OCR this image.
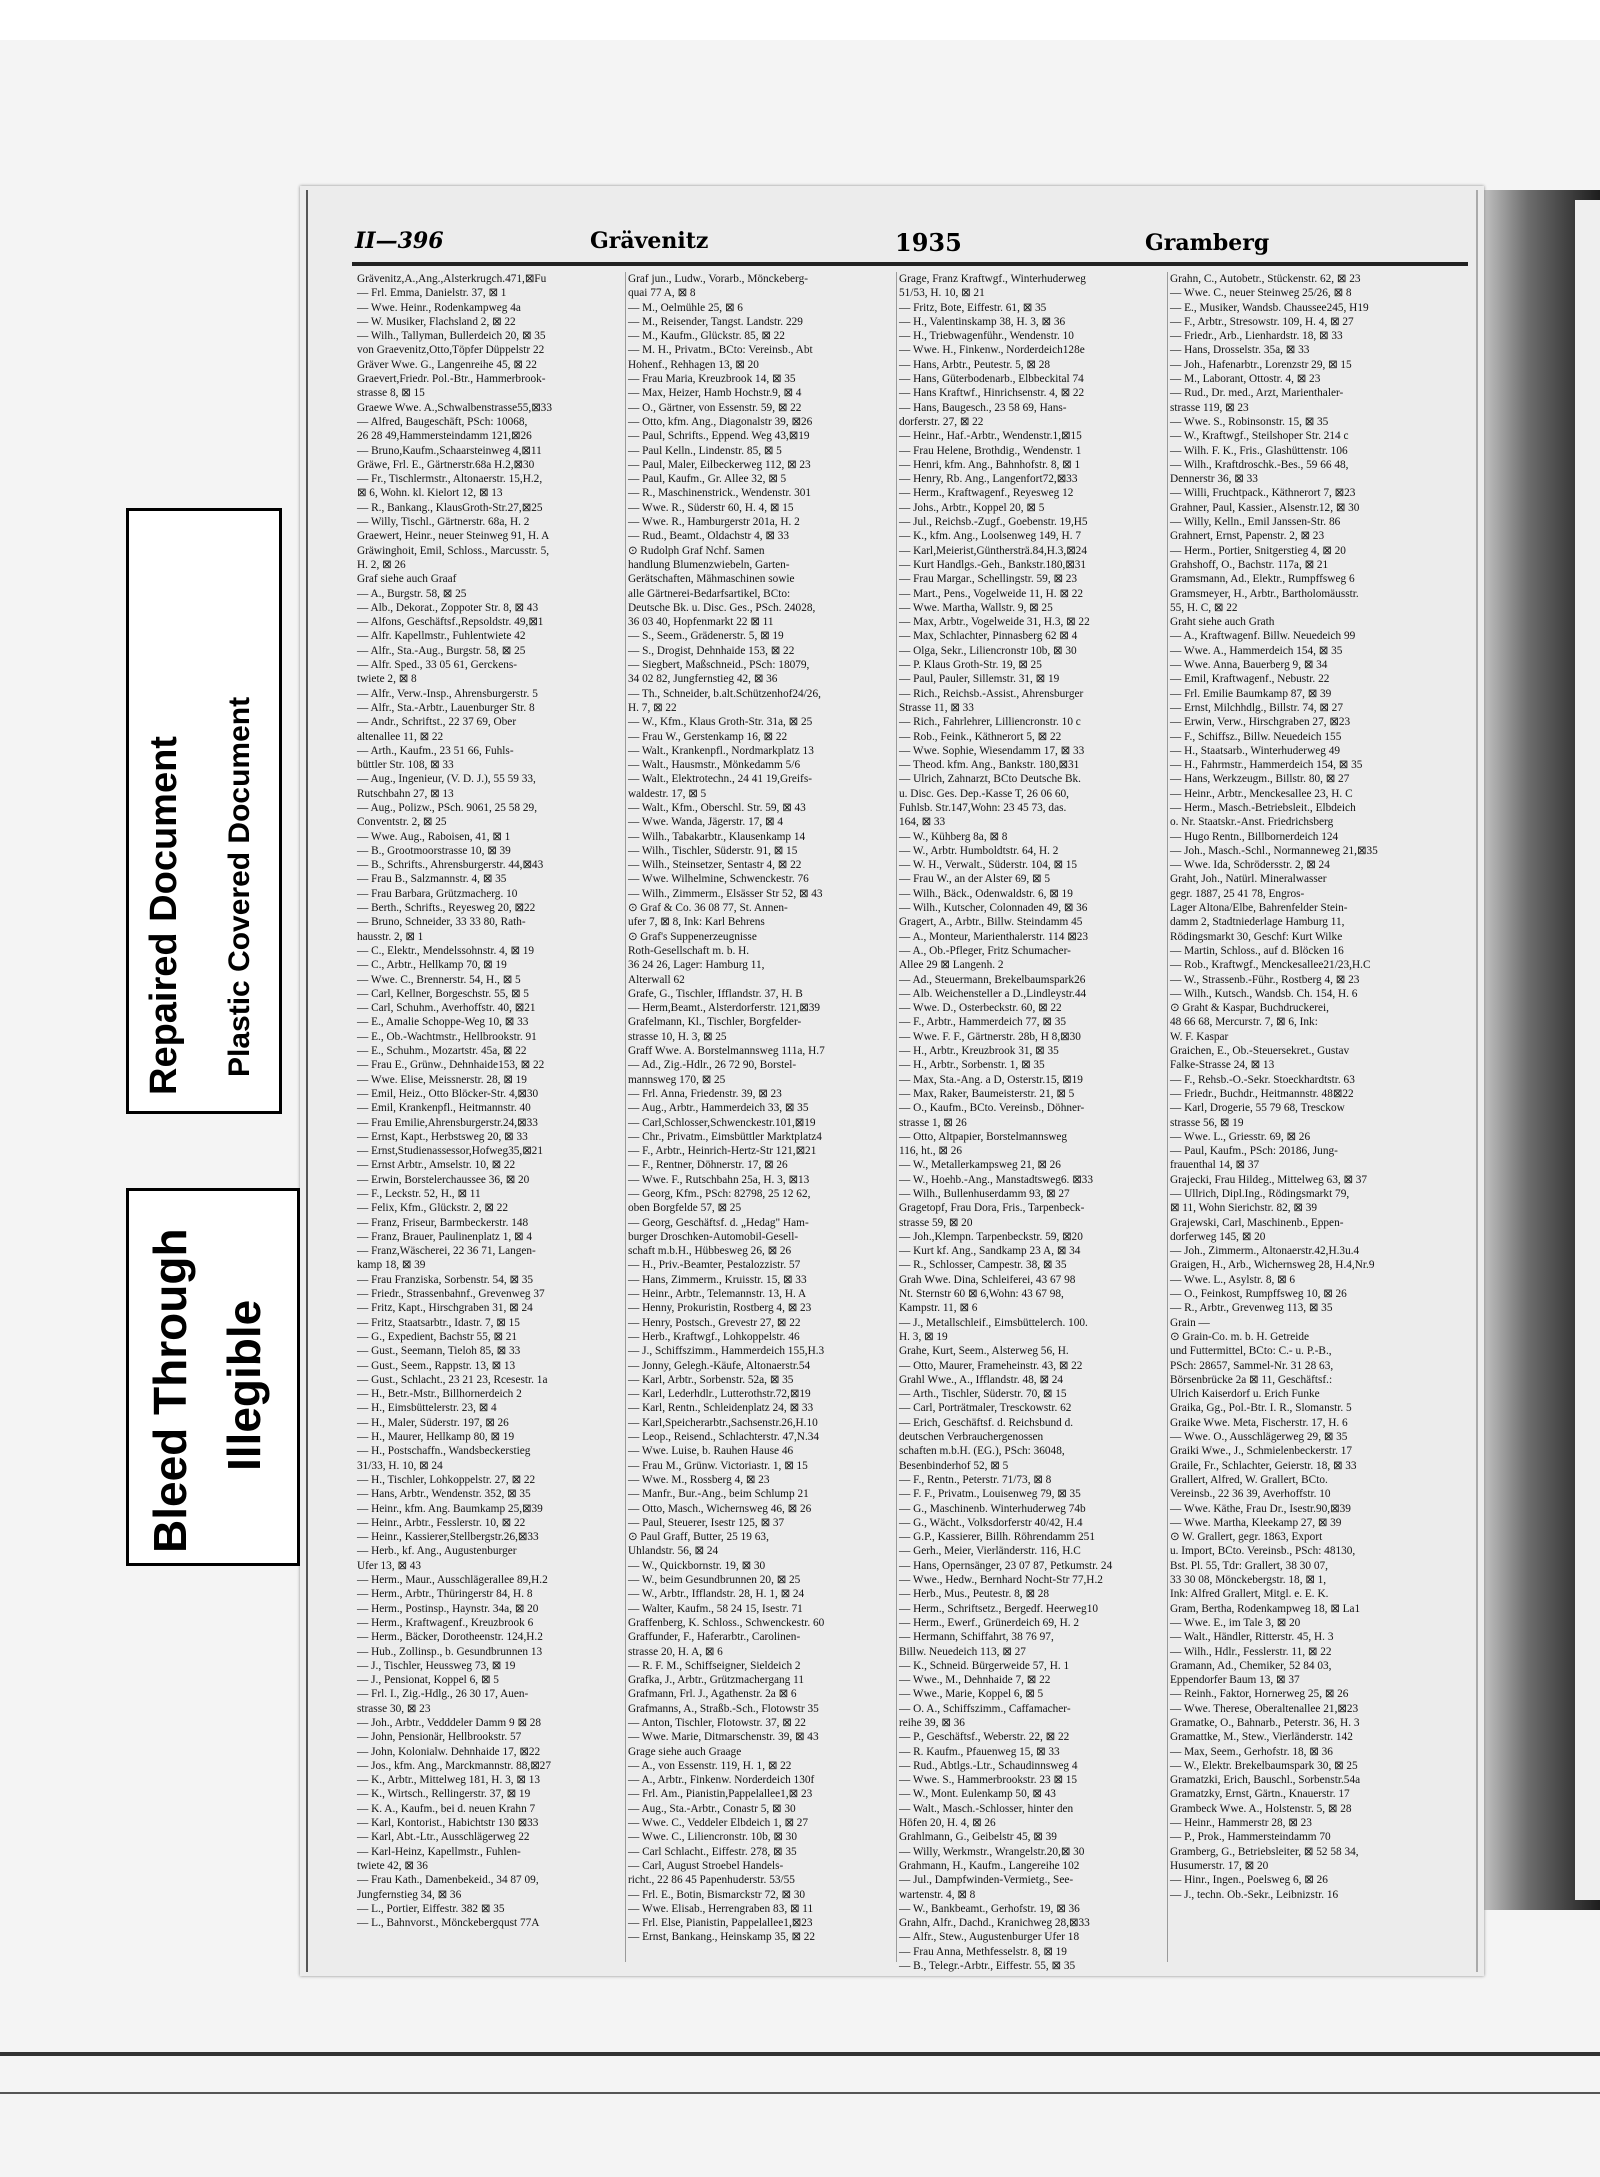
II—396	Grävenitz	1935	Gramberg
Grävenitz,A.,Ang.,Alsterkrugch.471,⊠Fu
— Frl. Emma, Danielstr. 37, ⊠ 1
— Wwe. Heinr., Rodenkampweg 4a
— W. Musiker, Flachsland 2, ⊠ 22
— Wilh., Tallyman, Bullerdeich 20, ⊠ 35
von Graevenitz,Otto,Töpfer Düppelstr 22
Gräver Wwe. G., Langenreihe 45, ⊠ 22
Graevert,Friedr. Pol.-Btr., Hammerbrook-
strasse 8, ⊠ 15
Graewe Wwe. A.,Schwalbenstrasse55,⊠33
— Alfred, Baugeschäft, PSch: 10068,
26 28 49,Hammersteindamm 121,⊠26
— Bruno,Kaufm.,Schaarsteinweg 4,⊠11
Gräwe, Frl. E., Gärtnerstr.68a H.2,⊠30
— Fr., Tischlermstr., Altonaerstr. 15,H.2,
⊠ 6, Wohn. kl. Kielort 12, ⊠ 13
— R., Bankang., KlausGroth-Str.27,⊠25
— Willy, Tischl., Gärtnerstr. 68a, H. 2
Graewert, Heinr., neuer Steinweg 91, H. A
Gräwinghoit, Emil, Schloss., Marcusstr. 5,
H. 2, ⊠ 26
Graf siehe auch Graaf
— A., Burgstr. 58, ⊠ 25
— Alb., Dekorat., Zoppoter Str. 8, ⊠ 43
— Alfons, Geschäftsf.,Repsoldstr. 49,⊠1
— Alfr. Kapellmstr., Fuhlentwiete 42
— Alfr., Sta.-Aug., Burgstr. 58, ⊠ 25
— Alfr. Sped., 33 05 61, Gerckens-
twiete 2, ⊠ 8
— Alfr., Verw.-Insp., Ahrensburgerstr. 5
— Alfr., Sta.-Arbtr., Lauenburger Str. 8
— Andr., Schriftst., 22 37 69, Ober
altenallee 11, ⊠ 22
— Arth., Kaufm., 23 51 66, Fuhls-
büttler Str. 108, ⊠ 33
— Aug., Ingenieur, (V. D. J.), 55 59 33,
Rutschbahn 27, ⊠ 13
— Aug., Polizw., PSch. 9061, 25 58 29,
Conventstr. 2, ⊠ 25
— Wwe. Aug., Raboisen, 41, ⊠ 1
— B., Grootmoorstrasse 10, ⊠ 39
— B., Schrifts., Ahrensburgerstr. 44,⊠43
— Frau B., Salzmannstr. 4, ⊠ 35
— Frau Barbara, Grützmacherg. 10
— Berth., Schrifts., Reyesweg 20, ⊠22
— Bruno, Schneider, 33 33 80, Rath-
hausstr. 2, ⊠ 1
— C., Elektr., Mendelssohnstr. 4, ⊠ 19
— C., Arbtr., Hellkamp 70, ⊠ 19
— Wwe. C., Brennerstr. 54, H., ⊠ 5
— Carl, Kellner, Borgeschstr. 55, ⊠ 5
— Carl, Schuhm., Averhoffstr. 40, ⊠21
— E., Amalie Schoppe-Weg 10, ⊠ 33
— E., Ob.-Wachtmstr., Hellbrookstr. 91
— E., Schuhm., Mozartstr. 45a, ⊠ 22
— Frau E., Grünw., Dehnhaide153, ⊠ 22
— Wwe. Elise, Meissnerstr. 28, ⊠ 19
— Emil, Heiz., Otto Blöcker-Str. 4,⊠30
— Emil, Krankenpfl., Heitmannstr. 40
— Frau Emilie,Ahrensburgerstr.24,⊠33
— Ernst, Kapt., Herbstsweg 20, ⊠ 33
— Ernst,Studienassessor,Hofweg35,⊠21
— Ernst Arbtr., Amselstr. 10, ⊠ 22
— Erwin, Borstelerchaussee 36, ⊠ 20
— F., Leckstr. 52, H., ⊠ 11
— Felix, Kfm., Glückstr. 2, ⊠ 22
— Franz, Friseur, Barmbeckerstr. 148
— Franz, Brauer, Paulinenplatz 1, ⊠ 4
— Franz,Wäscherei, 22 36 71, Langen-
kamp 18, ⊠ 39
— Frau Franziska, Sorbenstr. 54, ⊠ 35
— Friedr., Strassenbahnf., Grevenweg 37
— Fritz, Kapt., Hirschgraben 31, ⊠ 24
— Fritz, Staatsarbtr., Idastr. 7, ⊠ 15
— G., Expedient, Bachstr 55, ⊠ 21
— Gust., Seemann, Tieloh 85, ⊠ 33
— Gust., Seem., Rappstr. 13, ⊠ 13
— Gust., Schlacht., 23 21 23, Rcesestr. 1a
— H., Betr.-Mstr., Billhornerdeich 2
— H., Eimsbüttelerstr. 23, ⊠ 4
— H., Maler, Süderstr. 197, ⊠ 26
— H., Maurer, Hellkamp 80, ⊠ 19
— H., Postschaffn., Wandsbeckerstieg
31/33, H. 10, ⊠ 24
— H., Tischler, Lohkoppelstr. 27, ⊠ 22
— Hans, Arbtr., Wendenstr. 352, ⊠ 35
— Heinr., kfm. Ang. Baumkamp 25,⊠39
— Heinr., Arbtr., Fesslerstr. 10, ⊠ 22
— Heinr., Kassierer,Stellbergstr.26,⊠33
— Herb., kf. Ang., Augustenburger
Ufer 13, ⊠ 43
— Herm., Maur., Ausschlägerallee 89,H.2
— Herm., Arbtr., Thüringerstr 84, H. 8
— Herm., Postinsp., Haynstr. 34a, ⊠ 20
— Herm., Kraftwagenf., Kreuzbrook 6
— Herm., Bäcker, Dorotheenstr. 124,H.2
— Hub., Zollinsp., b. Gesundbrunnen 13
— J., Tischler, Heussweg 73, ⊠ 19
— J., Pensionat, Koppel 6, ⊠ 5
— Frl. I., Zig.-Hdlg., 26 30 17, Auen-
strasse 30, ⊠ 23
— Joh., Arbtr., Vedddeler Damm 9 ⊠ 28
— John, Pensionär, Hellbrookstr. 57
— John, Kolonialw. Dehnhaide 17, ⊠22
— Jos., kfm. Ang., Marckmannstr. 88,⊠27
— K., Arbtr., Mittelweg 181, H. 3, ⊠ 13
— K., Wirtsch., Rellingerstr. 37, ⊠ 19
— K. A., Kaufm., bei d. neuen Krahn 7
— Karl, Kontorist., Habichtstr 130 ⊠33
— Karl, Abt.-Ltr., Ausschlägerweg 22
— Karl-Heinz, Kapellmstr., Fuhlen-
twiete 42, ⊠ 36
— Frau Kath., Damenbekeid., 34 87 09,
Jungfernstieg 34, ⊠ 36
— L., Portier, Eiffestr. 382 ⊠ 35
— L., Bahnvorst., Mönckebergqust 77A
Graf jun., Ludw., Vorarb., Mönckeberg-
quai 77 A, ⊠ 8
— M., Oelmühle 25, ⊠ 6
— M., Reisender, Tangst. Landstr. 229
— M., Kaufm., Glückstr. 85, ⊠ 22
— M. H., Privatm., BCto: Vereinsb., Abt
Hohenf., Rehhagen 13, ⊠ 20
— Frau Maria, Kreuzbrook 14, ⊠ 35
— Max, Heizer, Hamb Hochstr.9, ⊠ 4
— O., Gärtner, von Essenstr. 59, ⊠ 22
— Otto, kfm. Ang., Diagonalstr 39, ⊠26
— Paul, Schrifts., Eppend. Weg 43,⊠19
— Paul Kelln., Lindenstr. 85, ⊠ 5
— Paul, Maler, Eilbeckerweg 112, ⊠ 23
— Paul, Kaufm., Gr. Allee 32, ⊠ 5
— R., Maschinenstrick., Wendenstr. 301
— Wwe. R., Süderstr 60, H. 4, ⊠ 15
— Wwe. R., Hamburgerstr 201a, H. 2
— Rud., Beamt., Oldachstr 4, ⊠ 33
⊙ Rudolph Graf Nchf. Samen
handlung Blumenzwiebeln, Garten-
Gerätschaften, Mähmaschinen sowie
alle Gärtnerei-Bedarfsartikel, BCto:
Deutsche Bk. u. Disc. Ges., PSch. 24028,
36 03 40, Hopfenmarkt 22 ⊠ 11
— S., Seem., Grädenerstr. 5, ⊠ 19
— S., Drogist, Dehnhaide 153, ⊠ 22
— Siegbert, Maßschneid., PSch: 18079,
34 02 82, Jungfernstieg 42, ⊠ 36
— Th., Schneider, b.alt.Schützenhof24/26,
H. 7, ⊠ 22
— W., Kfm., Klaus Groth-Str. 31a, ⊠ 25
— Frau W., Gerstenkamp 16, ⊠ 22
— Walt., Krankenpfl., Nordmarkplatz 13
— Walt., Hausmstr., Mönkedamm 5/6
— Walt., Elektrotechn., 24 41 19,Greifs-
waldestr. 17, ⊠ 5
— Walt., Kfm., Oberschl. Str. 59, ⊠ 43
— Wwe. Wanda, Jägerstr. 17, ⊠ 4
— Wilh., Tabakarbtr., Klausenkamp 14
— Wilh., Tischler, Süderstr. 91, ⊠ 15
— Wilh., Steinsetzer, Sentastr 4, ⊠ 22
— Wwe. Wilhelmine, Schwenckestr. 76
— Wilh., Zimmerm., Elsässer Str 52, ⊠ 43
⊙ Graf & Co. 36 08 77, St. Annen-
ufer 7, ⊠ 8, Ink: Karl Behrens
⊙ Graf's Suppenerzeugnisse
Roth-Gesellschaft m. b. H.
36 24 26, Lager: Hamburg 11,
Alterwall 62
Grafe, G., Tischler, Ifflandstr. 37, H. B
— Herm,Beamt., Alsterdorferstr. 121,⊠39
Grafelmann, Kl., Tischler, Borgfelder-
strasse 10, H. 3, ⊠ 25
Graff Wwe. A. Borstelmannsweg 111a, H.7
— Ad., Zig.-Hdlr., 26 72 90, Borstel-
mannsweg 170, ⊠ 25
— Frl. Anna, Friedenstr. 39, ⊠ 23
— Aug., Arbtr., Hammerdeich 33, ⊠ 35
— Carl,Schlosser,Schwenckestr.101,⊠19
— Chr., Privatm., Eimsbüttler Marktplatz4
— F., Arbtr., Heinrich-Hertz-Str 121,⊠21
— F., Rentner, Döhnerstr. 17, ⊠ 26
— Wwe. F., Rutschbahn 25a, H. 3, ⊠13
— Georg, Kfm., PSch: 82798, 25 12 62,
oben Borgfelde 57, ⊠ 25
— Georg, Geschäftsf. d. „Hedag" Ham-
burger Droschken-Automobil-Gesell-
schaft m.b.H., Hübbesweg 26, ⊠ 26
— H., Priv.-Beamter, Pestalozzistr. 57
— Hans, Zimmerm., Kruisstr. 15, ⊠ 33
— Heinr., Arbtr., Telemannstr. 13, H. A
— Henny, Prokuristin, Rostberg 4, ⊠ 23
— Henry, Postsch., Grevestr 27, ⊠ 22
— Herb., Kraftwgf., Lohkoppelstr. 46
— J., Schiffszimm., Hammerdeich 155,H.3
— Jonny, Gelegh.-Käufe, Altonaerstr.54
— Karl, Arbtr., Sorbenstr. 52a, ⊠ 35
— Karl, Lederhdlr., Lutterothstr.72,⊠19
— Karl, Rentn., Schleidenplatz 24, ⊠ 33
— Karl,Speicherarbtr.,Sachsenstr.26,H.10
— Leop., Reisend., Schlachterstr. 47,N.34
— Wwe. Luise, b. Rauhen Hause 46
— Frau M., Grünw. Victoriastr. 1, ⊠ 15
— Wwe. M., Rossberg 4, ⊠ 23
— Manfr., Bur.-Ang., beim Schlump 21
— Otto, Masch., Wichernsweg 46, ⊠ 26
— Paul, Steuerer, Isestr 125, ⊠ 37
⊙ Paul Graff, Butter, 25 19 63,
Uhlandstr. 56, ⊠ 24
— W., Quickbornstr. 19, ⊠ 30
— W., beim Gesundbrunnen 20, ⊠ 25
— W., Arbtr., Ifflandstr. 28, H. 1, ⊠ 24
— Walter, Kaufm., 58 24 15, Isestr. 71
Graffenberg, K. Schloss., Schwenckestr. 60
Graffunder, F., Haferarbtr., Carolinen-
strasse 20, H. A, ⊠ 6
— R. F. M., Schiffseigner, Sieldeich 2
Grafka, J., Arbtr., Grützmachergang 11
Grafmann, Frl. J., Agathenstr. 2a ⊠ 6
Grafmanns, A., Straßb.-Sch., Flotowstr 35
— Anton, Tischler, Flotowstr. 37, ⊠ 22
— Wwe. Marie, Ditmarschenstr. 39, ⊠ 43
Grage siehe auch Graage
— A., von Essenstr. 119, H. 1, ⊠ 22
— A., Arbtr., Finkenw. Norderdeich 130f
— Frl. Am., Pianistin,Pappelallee1,⊠ 23
— Aug., Sta.-Arbtr., Conastr 5, ⊠ 30
— Wwe. C., Veddeler Elbdeich 1, ⊠ 27
— Wwe. C., Liliencronstr. 10b, ⊠ 30
— Carl Schlacht., Eiffestr. 278, ⊠ 35
— Carl, August Stroebel Handels-
richt., 22 86 45 Papenhuderstr. 53/55
— Frl. E., Botin, Bismarckstr 72, ⊠ 30
— Wwe. Elisab., Herrengraben 83, ⊠ 11
— Frl. Else, Pianistin, Pappelallee1,⊠23
— Ernst, Bankang., Heinskamp 35, ⊠ 22
Grage, Franz Kraftwgf., Winterhuderweg
51/53, H. 10, ⊠ 21
— Fritz, Bote, Eiffestr. 61, ⊠ 35
— H., Valentinskamp 38, H. 3, ⊠ 36
— H., Triebwagenführ., Wendenstr. 10
— Wwe. H., Finkenw., Norderdeich128e
— Hans, Arbtr., Peutestr. 5, ⊠ 28
— Hans, Güterbodenarb., Elbbeckital 74
— Hans Kraftwf., Hinrichsenstr. 4, ⊠ 22
— Hans, Baugesch., 23 58 69, Hans-
dorferstr. 27, ⊠ 22
— Heinr., Haf.-Arbtr., Wendenstr.1,⊠15
— Frau Helene, Brothdig., Wendenstr. 1
— Henri, kfm. Ang., Bahnhofstr. 8, ⊠ 1
— Henry, Rb. Ang., Langenfort72,⊠33
— Herm., Kraftwagenf., Reyesweg 12
— Johs., Arbtr., Koppel 20, ⊠ 5
— Jul., Reichsb.-Zugf., Goebenstr. 19,H5
— K., kfm. Ang., Loolsenweg 149, H. 7
— Karl,Meierist,Günthersträ.84,H.3,⊠24
— Kurt Handlgs.-Geh., Bankstr.180,⊠31
— Frau Margar., Schellingstr. 59, ⊠ 23
— Mart., Pens., Vogelweide 11, H. ⊠ 22
— Wwe. Martha, Wallstr. 9, ⊠ 25
— Max, Arbtr., Vogelweide 31, H.3, ⊠ 22
— Max, Schlachter, Pinnasberg 62 ⊠ 4
— Olga, Sekr., Liliencronstr 10b, ⊠ 30
— P. Klaus Groth-Str. 19, ⊠ 25
— Paul, Pauler, Sillemstr. 31, ⊠ 19
— Rich., Reichsb.-Assist., Ahrensburger
Strasse 11, ⊠ 33
— Rich., Fahrlehrer, Lilliencronstr. 10 c
— Rob., Feink., Käthnerort 5, ⊠ 22
— Wwe. Sophie, Wiesendamm 17, ⊠ 33
— Theod. kfm. Ang., Bankstr. 180,⊠31
— Ulrich, Zahnarzt, BCto Deutsche Bk.
u. Disc. Ges. Dep.-Kasse T, 26 06 60,
Fuhlsb. Str.147,Wohn: 23 45 73, das.
164, ⊠ 33
— W., Kühberg 8a, ⊠ 8
— W., Arbtr. Humboldtstr. 64, H. 2
— W. H., Verwalt., Süderstr. 104, ⊠ 15
— Frau W., an der Alster 69, ⊠ 5
— Wilh., Bäck., Odenwaldstr. 6, ⊠ 19
— Wilh., Kutscher, Colonnaden 49, ⊠ 36
Gragert, A., Arbtr., Billw. Steindamm 45
— A., Monteur, Marienthalerstr. 114 ⊠23
— A., Ob.-Pfleger, Fritz Schumacher-
Allee 29 ⊠ Langenh. 2
— Ad., Steuermann, Brekelbaumspark26
— Alb. Weichensteller a D.,Lindleystr.44
— Wwe. D., Osterbeckstr. 60, ⊠ 22
— F., Arbtr., Hammerdeich 77, ⊠ 35
— Wwe. F. F., Gärtnerstr. 28b, H 8,⊠30
— H., Arbtr., Kreuzbrook 31, ⊠ 35
— H., Arbtr., Sorbenstr. 1, ⊠ 35
— Max, Sta.-Ang. a D, Osterstr.15, ⊠19
— Max, Raker, Baumeisterstr. 21, ⊠ 5
— O., Kaufm., BCto. Vereinsb., Döhner-
strasse 1, ⊠ 26
— Otto, Altpapier, Borstelmannsweg
116, ht., ⊠ 26
— W., Metallerkampsweg 21, ⊠ 26
— W., Hoehb.-Ang., Manstadtsweg6. ⊠33
— Wilh., Bullenhuserdamm 93, ⊠ 27
Gragetopf, Frau Dora, Fris., Tarpenbeck-
strasse 59, ⊠ 20
— Joh.,Klempn. Tarpenbeckstr. 59, ⊠20
— Kurt kf. Ang., Sandkamp 23 A, ⊠ 34
— R., Schlosser, Campestr. 38, ⊠ 35
Grah Wwe. Dina, Schleiferei, 43 67 98
Nt. Sternstr 60 ⊠ 6,Wohn: 43 67 98,
Kampstr. 11, ⊠ 6
— J., Metallschleif., Eimsbüttelerch. 100.
H. 3, ⊠ 19
Grahe, Kurt, Seem., Alsterweg 56, H.
— Otto, Maurer, Frameheinstr. 43, ⊠ 22
Grahl Wwe., A., Ifflandstr. 48, ⊠ 24
— Arth., Tischler, Süderstr. 70, ⊠ 15
— Carl, Porträtmaler, Tresckowstr. 62
— Erich, Geschäftsf. d. Reichsbund d.
deutschen Verbrauchergenossen
schaften m.b.H. (EG.), PSch: 36048,
Besenbinderhof 52, ⊠ 5
— F., Rentn., Peterstr. 71/73, ⊠ 8
— F. F., Privatm., Louisenweg 79, ⊠ 35
— G., Maschinenb. Winterhuderweg 74b
— G., Wächt., Volksdorferstr 40/42, H.4
— G.P., Kassierer, Billh. Röhrendamm 251
— Gerh., Meier, Vierländerstr. 116, H.C
— Hans, Opernsänger, 23 07 87, Petkumstr. 24
— Wwe., Hedw., Bernhard Nocht-Str 77,H.2
— Herb., Mus., Peutestr. 8, ⊠ 28
— Herm., Schriftsetz., Bergedf. Heerweg10
— Herm., Ewerf., Grünerdeich 69, H. 2
— Hermann, Schiffahrt, 38 76 97,
Billw. Neuedeich 113, ⊠ 27
— K., Schneid. Bürgerweide 57, H. 1
— Wwe., M., Dehnhaide 7, ⊠ 22
— Wwe., Marie, Koppel 6, ⊠ 5
— O. A., Schiffszimm., Caffamacher-
reihe 39, ⊠ 36
— P., Geschäftsf., Weberstr. 22, ⊠ 22
— R. Kaufm., Pfauenweg 15, ⊠ 33
— Rud., Abtlgs.-Ltr., Schaudinnsweg 4
— Wwe. S., Hammerbrookstr. 23 ⊠ 15
— W., Mont. Eulenkamp 50, ⊠ 43
— Walt., Masch.-Schlosser, hinter den
Höfen 20, H. 4, ⊠ 26
Grahlmann, G., Geibelstr 45, ⊠ 39
— Willy, Werkmstr., Wrangelstr.20,⊠ 30
Grahmann, H., Kaufm., Langereihe 102
— Jul., Dampfwinden-Vermietg., See-
wartenstr. 4, ⊠ 8
— W., Bankbeamt., Gerhofstr. 19, ⊠ 36
Grahn, Alfr., Dachd., Kranichweg 28,⊠33
— Alfr., Stew., Augustenburger Ufer 18
— Frau Anna, Methfesselstr. 8, ⊠ 19
— B., Telegr.-Arbtr., Eiffestr. 55, ⊠ 35
Grahn, C., Autobetr., Stückenstr. 62, ⊠ 23
— Wwe. C., neuer Steinweg 25/26, ⊠ 8
— E., Musiker, Wandsb. Chaussee245, H19
— F., Arbtr., Stresowstr. 109, H. 4, ⊠ 27
— Friedr., Arb., Lienhardstr. 18, ⊠ 33
— Hans, Drosselstr. 35a, ⊠ 33
— Joh., Hafenarbtr., Lorenzstr 29, ⊠ 15
— M., Laborant, Ottostr. 4, ⊠ 23
— Rud., Dr. med., Arzt, Marienthaler-
strasse 119, ⊠ 23
— Wwe. S., Robinsonstr. 15, ⊠ 35
— W., Kraftwgf., Steilshoper Str. 214 c
— Wilh. F. K., Fris., Glashüttenstr. 106
— Wilh., Kraftdroschk.-Bes., 59 66 48,
Dennerstr 36, ⊠ 33
— Willi, Fruchtpack., Käthnerort 7, ⊠23
Grahner, Paul, Kassier., Alsenstr.12, ⊠ 30
— Willy, Kelln., Emil Janssen-Str. 86
Grahnert, Ernst, Papenstr. 2, ⊠ 23
— Herm., Portier, Snitgerstieg 4, ⊠ 20
Grahshoff, O., Bachstr. 117a, ⊠ 21
Gramsmann, Ad., Elektr., Rumpffsweg 6
Gramsmeyer, H., Arbtr., Bartholomäusstr.
55, H. C, ⊠ 22
Graht siehe auch Grath
— A., Kraftwagenf. Billw. Neuedeich 99
— Wwe. A., Hammerdeich 154, ⊠ 35
— Wwe. Anna, Bauerberg 9, ⊠ 34
— Emil, Kraftwagenf., Nebustr. 22
— Frl. Emilie Baumkamp 87, ⊠ 39
— Ernst, Milchhdlg., Billstr. 74, ⊠ 27
— Erwin, Verw., Hirschgraben 27, ⊠23
— F., Schiffsz., Billw. Neuedeich 155
— H., Staatsarb., Winterhuderweg 49
— H., Fahrmstr., Hammerdeich 154, ⊠ 35
— Hans, Werkzeugm., Billstr. 80, ⊠ 27
— Heinr., Arbtr., Menckesallee 23, H. C
— Herm., Masch.-Betriebsleit., Elbdeich
o. Nr. Staatskr.-Anst. Friedrichsberg
— Hugo Rentn., Billbornerdeich 124
— Joh., Masch.-Schl., Normanneweg 21,⊠35
— Wwe. Ida, Schrödersstr. 2, ⊠ 24
Graht, Joh., Natürl. Mineralwasser
gegr. 1887, 25 41 78, Engros-
Lager Altona/Elbe, Bahrenfelder Stein-
damm 2, Stadtniederlage Hamburg 11,
Rödingsmarkt 30, Geschf: Kurt Wilke
— Martin, Schloss., auf d. Blöcken 16
— Rob., Kraftwgf., Menckesallee21/23,H.C
— W., Strassenb.-Führ., Rostberg 4, ⊠ 23
— Wilh., Kutsch., Wandsb. Ch. 154, H. 6
⊙ Graht & Kaspar, Buchdruckerei,
48 66 68, Mercurstr. 7, ⊠ 6, Ink:
W. F. Kaspar
Graichen, E., Ob.-Steuersekret., Gustav
Falke-Strasse 24, ⊠ 13
— F., Rehsb.-O.-Sekr. Stoeckhardtstr. 63
— Friedr., Buchdr., Heitmannstr. 48⊠22
— Karl, Drogerie, 55 79 68, Tresckow
strasse 56, ⊠ 19
— Wwe. L., Griesstr. 69, ⊠ 26
— Paul, Kaufm., PSch: 20186, Jung-
frauenthal 14, ⊠ 37
Grajecki, Frau Hildeg., Mittelweg 63, ⊠ 37
— Ullrich, Dipl.Ing., Rödingsmarkt 79,
⊠ 11, Wohn Sierichstr. 82, ⊠ 39
Grajewski, Carl, Maschinenb., Eppen-
dorferweg 145, ⊠ 20
— Joh., Zimmerm., Altonaerstr.42,H.3u.4
Graigen, H., Arb., Wichernsweg 28, H.4,Nr.9
— Wwe. L., Asylstr. 8, ⊠ 6
— O., Feinkost, Rumpffsweg 10, ⊠ 26
— R., Arbtr., Grevenweg 113, ⊠ 35
Grain —
⊙ Grain-Co. m. b. H. Getreide
und Futtermittel, BCto: C.- u. P.-B.,
PSch: 28657, Sammel-Nr. 31 28 63,
Börsenbrücke 2a ⊠ 11, Geschäftsf.:
Ulrich Kaiserdorf u. Erich Funke
Graika, Gg., Pol.-Btr. I. R., Slomanstr. 5
Graike Wwe. Meta, Fischerstr. 17, H. 6
— Wwe. O., Ausschlägerweg 29, ⊠ 35
Graiki Wwe., J., Schmielenbeckerstr. 17
Graile, Fr., Schlachter, Geierstr. 18, ⊠ 33
Grallert, Alfred, W. Grallert, BCto.
Vereinsb., 22 36 39, Averhoffstr. 10
— Wwe. Käthe, Frau Dr., Isestr.90,⊠39
— Wwe. Martha, Kleekamp 27, ⊠ 39
⊙ W. Grallert, gegr. 1863, Export
u. Import, BCto. Vereinsb., PSch: 48130,
Bst. Pl. 55, Tdr: Grallert, 38 30 07,
33 30 08, Mönckebergstr. 18, ⊠ 1,
Ink: Alfred Grallert, Mitgl. e. E. K.
Gram, Bertha, Rodenkampweg 18, ⊠ La1
— Wwe. E., im Tale 3, ⊠ 20
— Walt., Händler, Ritterstr. 45, H. 3
— Wilh., Hdlr., Fesslerstr. 11, ⊠ 22
Gramann, Ad., Chemiker, 52 84 03,
Eppendorfer Baum 13, ⊠ 37
— Reinh., Faktor, Hornerweg 25, ⊠ 26
— Wwe. Therese, Oberaltenallee 21,⊠23
Gramatke, O., Bahnarb., Peterstr. 36, H. 3
Gramattke, M., Stew., Vierländerstr. 142
— Max, Seem., Gerhofstr. 18, ⊠ 36
— W., Elektr. Brekelbaumspark 30, ⊠ 25
Gramatzki, Erich, Bauschl., Sorbenstr.54a
Gramatzky, Ernst, Gärtn., Knauerstr. 17
Grambeck Wwe. A., Holstenstr. 5, ⊠ 28
— Heinr., Hammerstr 28, ⊠ 23
— P., Prok., Hammersteindamm 70
Gramberg, G., Betriebsleiter, ⊠ 52 58 34,
Husumerstr. 17, ⊠ 20
— Hinr., Ingen., Poelsweg 6, ⊠ 26
— J., techn. Ob.-Sekr., Leibnizstr. 16
Bleed Through Illegible
Repaired Document Plastic Covered Document
